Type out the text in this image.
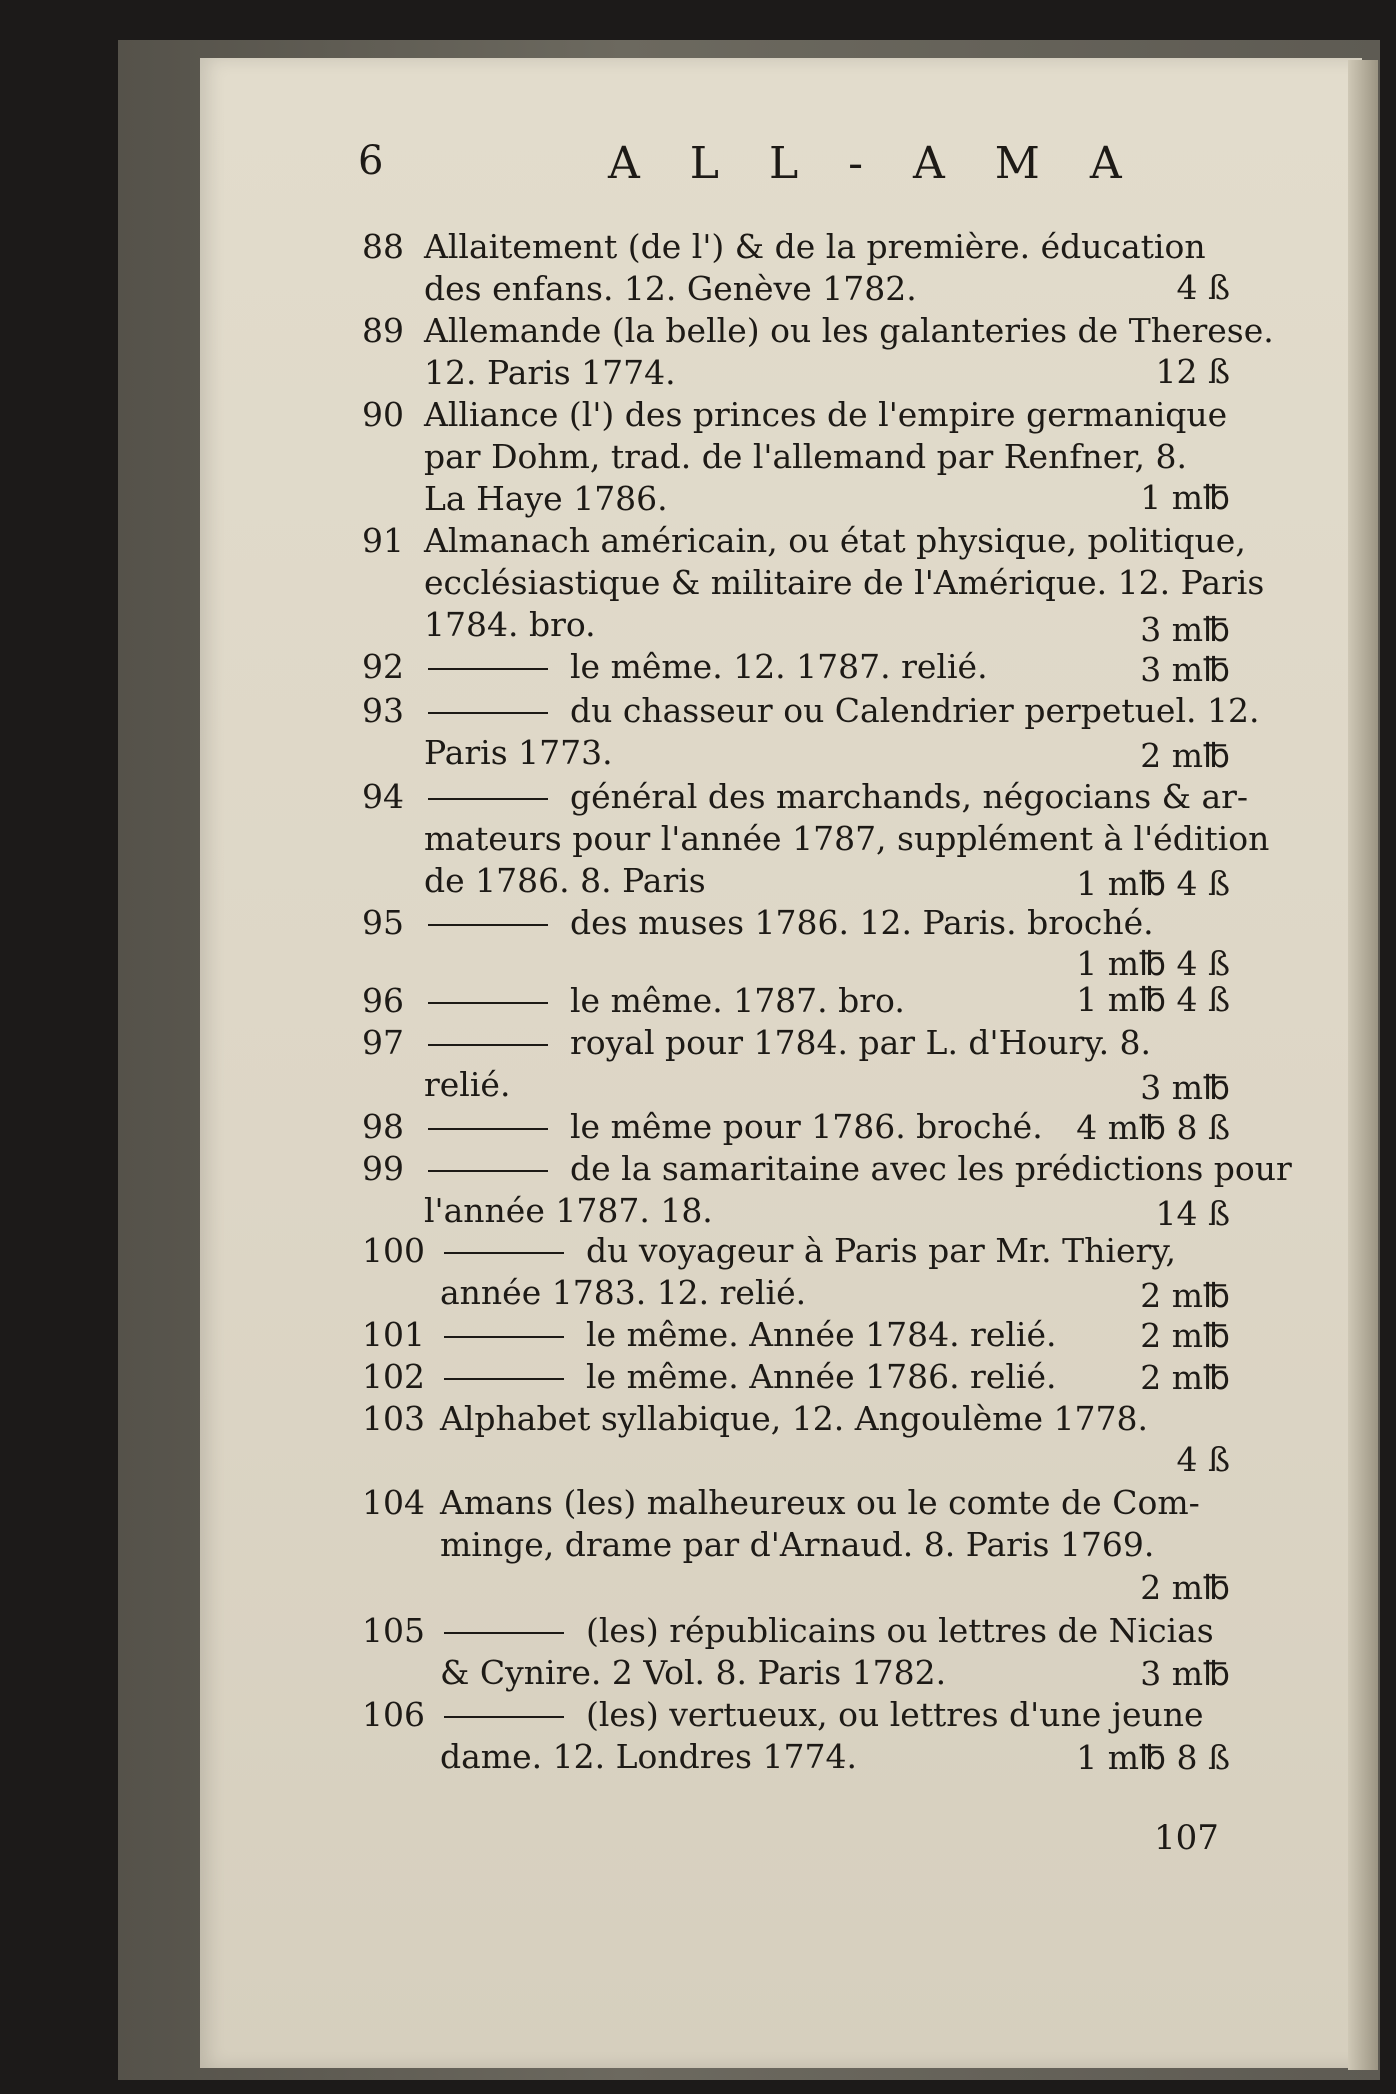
6	A L L - A M A
88 Allaitement (de l') & de la première. éducation
des enfans. 12. Genève 1782.	4 ß
89 Allemande (la belle) ou les galanteries de Therese.
12. Paris 1774.	12 ß
90 Alliance (l') des princes de l'empire germanique
par Dohm, trad. de l'allemand par Renfner, 8.
La Haye 1786.	1 m℔
91 Almanach américain, ou état physique, politique,
ecclésiastique & militaire de l'Amérique. 12. Paris
1784. bro.	3 m℔
92	le même. 12. 1787. relié.	3 m℔
93	du chasseur ou Calendrier perpetuel. 12.
Paris 1773.	2 m℔
94	général des marchands, négocians & ar-
mateurs pour l'année 1787, supplément à l'édition
de 1786. 8. Paris	1 m℔ 4 ß
95	des muses 1786. 12. Paris. broché.
1 m℔ 4 ß
96	le même. 1787. bro.	1 m℔ 4 ß
97	royal pour 1784. par L. d'Houry. 8.
relié.	3 m℔
98	le même pour 1786. broché. 4 m℔ 8 ß
99	de la samaritaine avec les prédictions pour
l'année 1787. 18.	14 ß
100	du voyageur à Paris par Mr. Thiery,
année 1783. 12. relié.	2 m℔
101	le même. Année 1784. relié.	2 m℔
102	le même. Année 1786. relié.	2 m℔
103 Alphabet syllabique, 12. Angoulème 1778.
4 ß
104 Amans (les) malheureux ou le comte de Com-
minge, drame par d'Arnaud. 8. Paris 1769.
2 m℔
105	(les) républicains ou lettres de Nicias
& Cynire. 2 Vol. 8. Paris 1782.	3 m℔
106	(les) vertueux, ou lettres d'une jeune
dame. 12. Londres 1774.	1 m℔ 8 ß
107
